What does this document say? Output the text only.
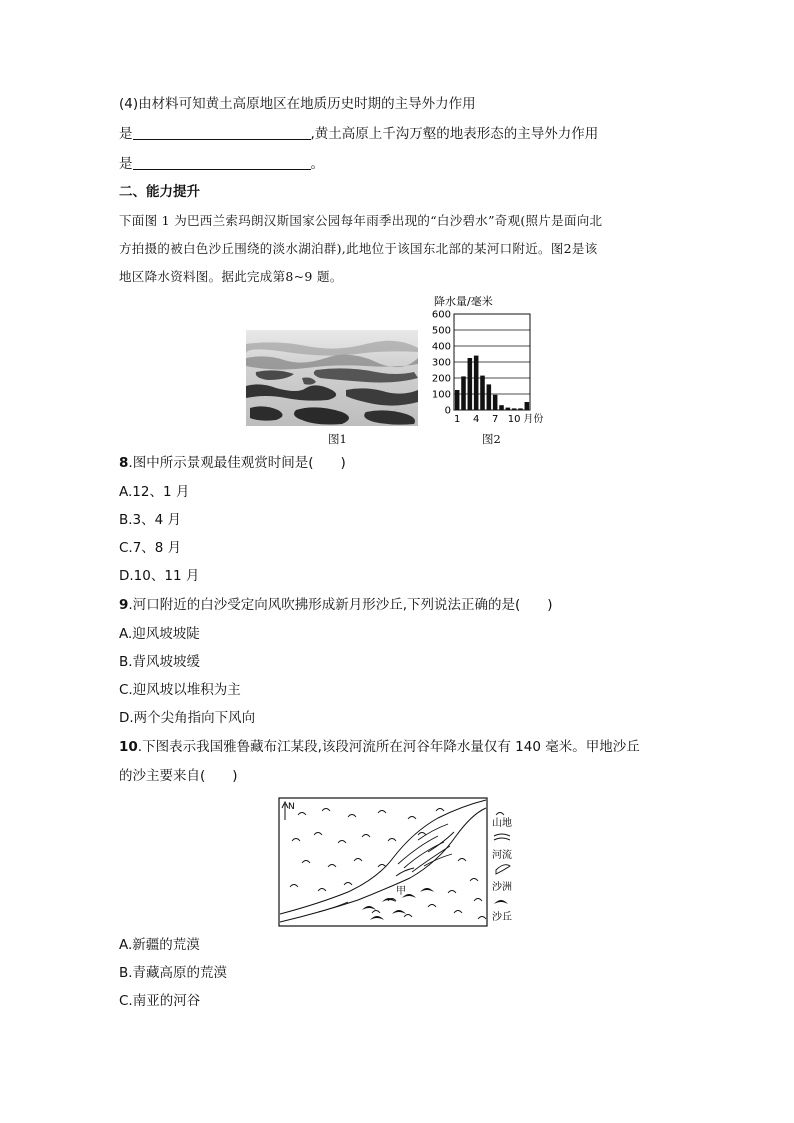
(4)由材料可知黄土高原地区在地质历史时期的主导外力作用
是	,黄土高原上千沟万壑的地表形态的主导外力作用
是	。
二、能力提升
下面图 1 为巴西兰索玛朗汉斯国家公园每年雨季出现的“白沙碧水”奇观(照片是面向北
方拍摄的被白色沙丘围绕的淡水湖泊群),此地位于该国东北部的某河口附近。图2是该
地区降水资料图。据此完成第8~9 题。
图1
降水量/毫米
600
500
400
300
200
100
0
1 4 7 10 月份
图2
8.图中所示景观最佳观赏时间是(　　)
A.12、1 月
B.3、4 月
C.7、8 月
D.10、11 月
9.河口附近的白沙受定向风吹拂形成新月形沙丘,下列说法正确的是(　　)
A.迎风坡坡陡
B.背风坡坡缓
C.迎风坡以堆积为主
D.两个尖角指向下风向
10.下图表示我国雅鲁藏布江某段,该段河流所在河谷年降水量仅有 140 毫米。甲地沙丘
的沙主要来自(　　)
N
甲
山地
河流
沙洲
沙丘
A.新疆的荒漠
B.青藏高原的荒漠
C.南亚的河谷
